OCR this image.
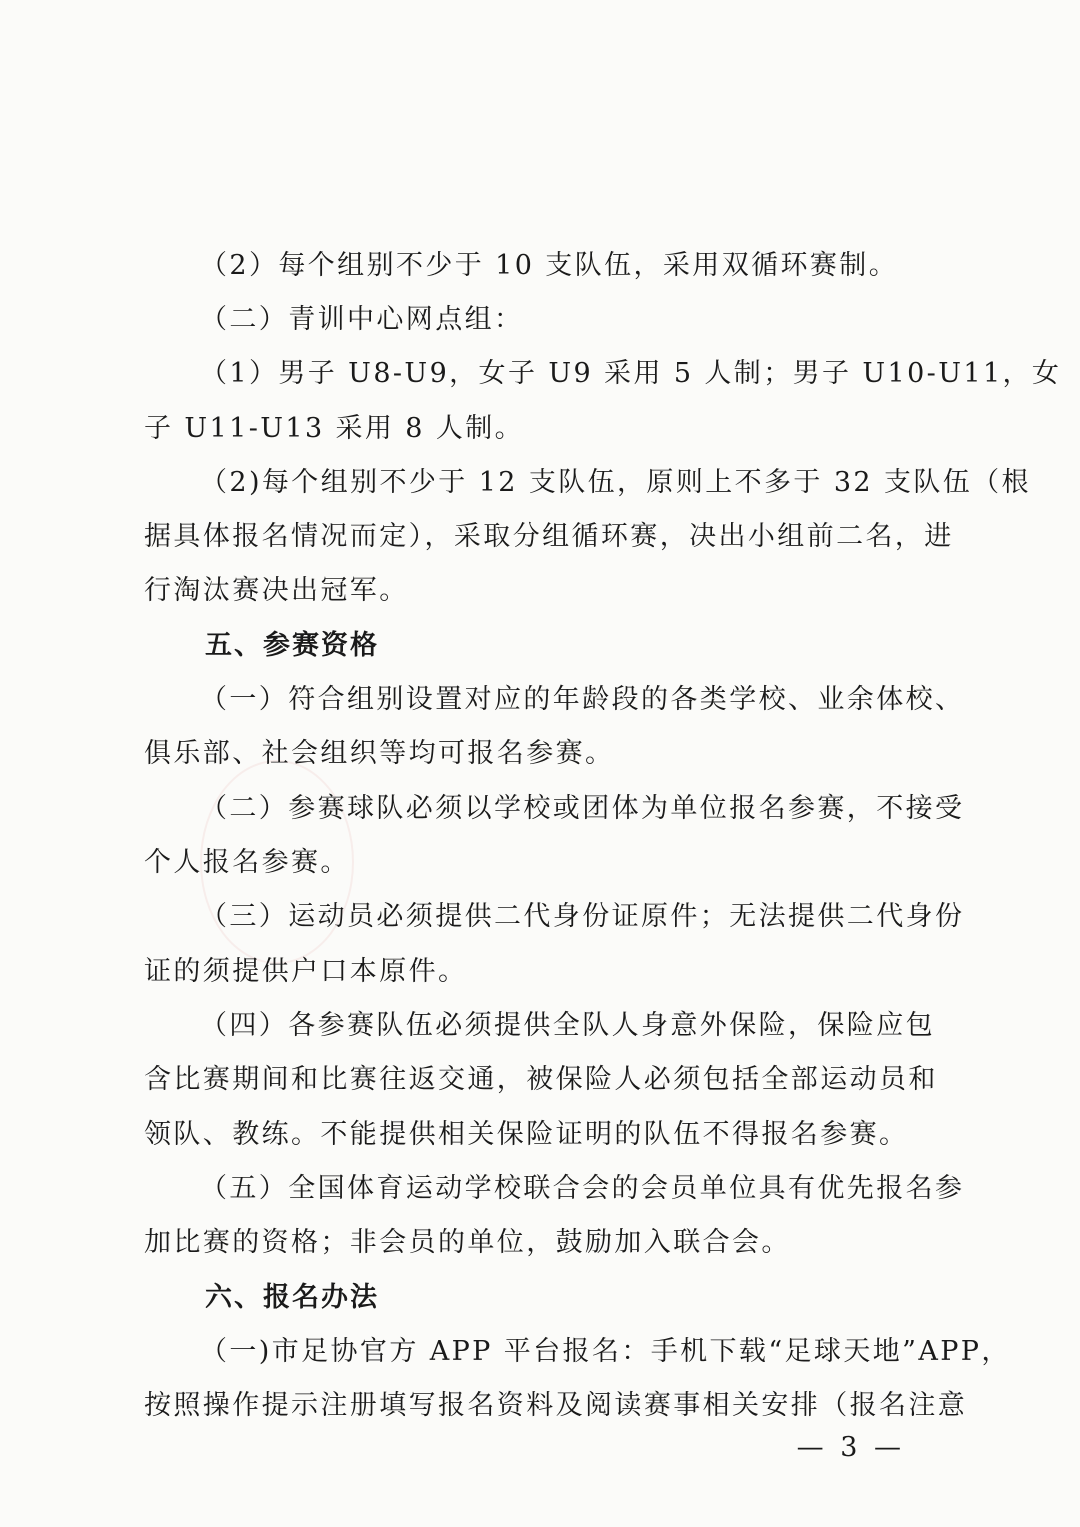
（2）每个组别不少于 10 支队伍，采用双循环赛制。
（二）青训中心网点组：
（1）男子 U8-U9，女子 U9 采用 5 人制；男子 U10-U11，女
子 U11-U13 采用 8 人制。
（2)每个组别不少于 12 支队伍，原则上不多于 32 支队伍（根
据具体报名情况而定），采取分组循环赛，决出小组前二名，进
行淘汰赛决出冠军。
五、参赛资格
（一）符合组别设置对应的年龄段的各类学校、业余体校、
俱乐部、社会组织等均可报名参赛。
（二）参赛球队必须以学校或团体为单位报名参赛，不接受
个人报名参赛。
（三）运动员必须提供二代身份证原件；无法提供二代身份
证的须提供户口本原件。
（四）各参赛队伍必须提供全队人身意外保险，保险应包
含比赛期间和比赛往返交通，被保险人必须包括全部运动员和
领队、教练。不能提供相关保险证明的队伍不得报名参赛。
（五）全国体育运动学校联合会的会员单位具有优先报名参
加比赛的资格；非会员的单位，鼓励加入联合会。
六、报名办法
（一)市足协官方 APP 平台报名：手机下载“足球天地”APP，
按照操作提示注册填写报名资料及阅读赛事相关安排（报名注意
— 3 —
